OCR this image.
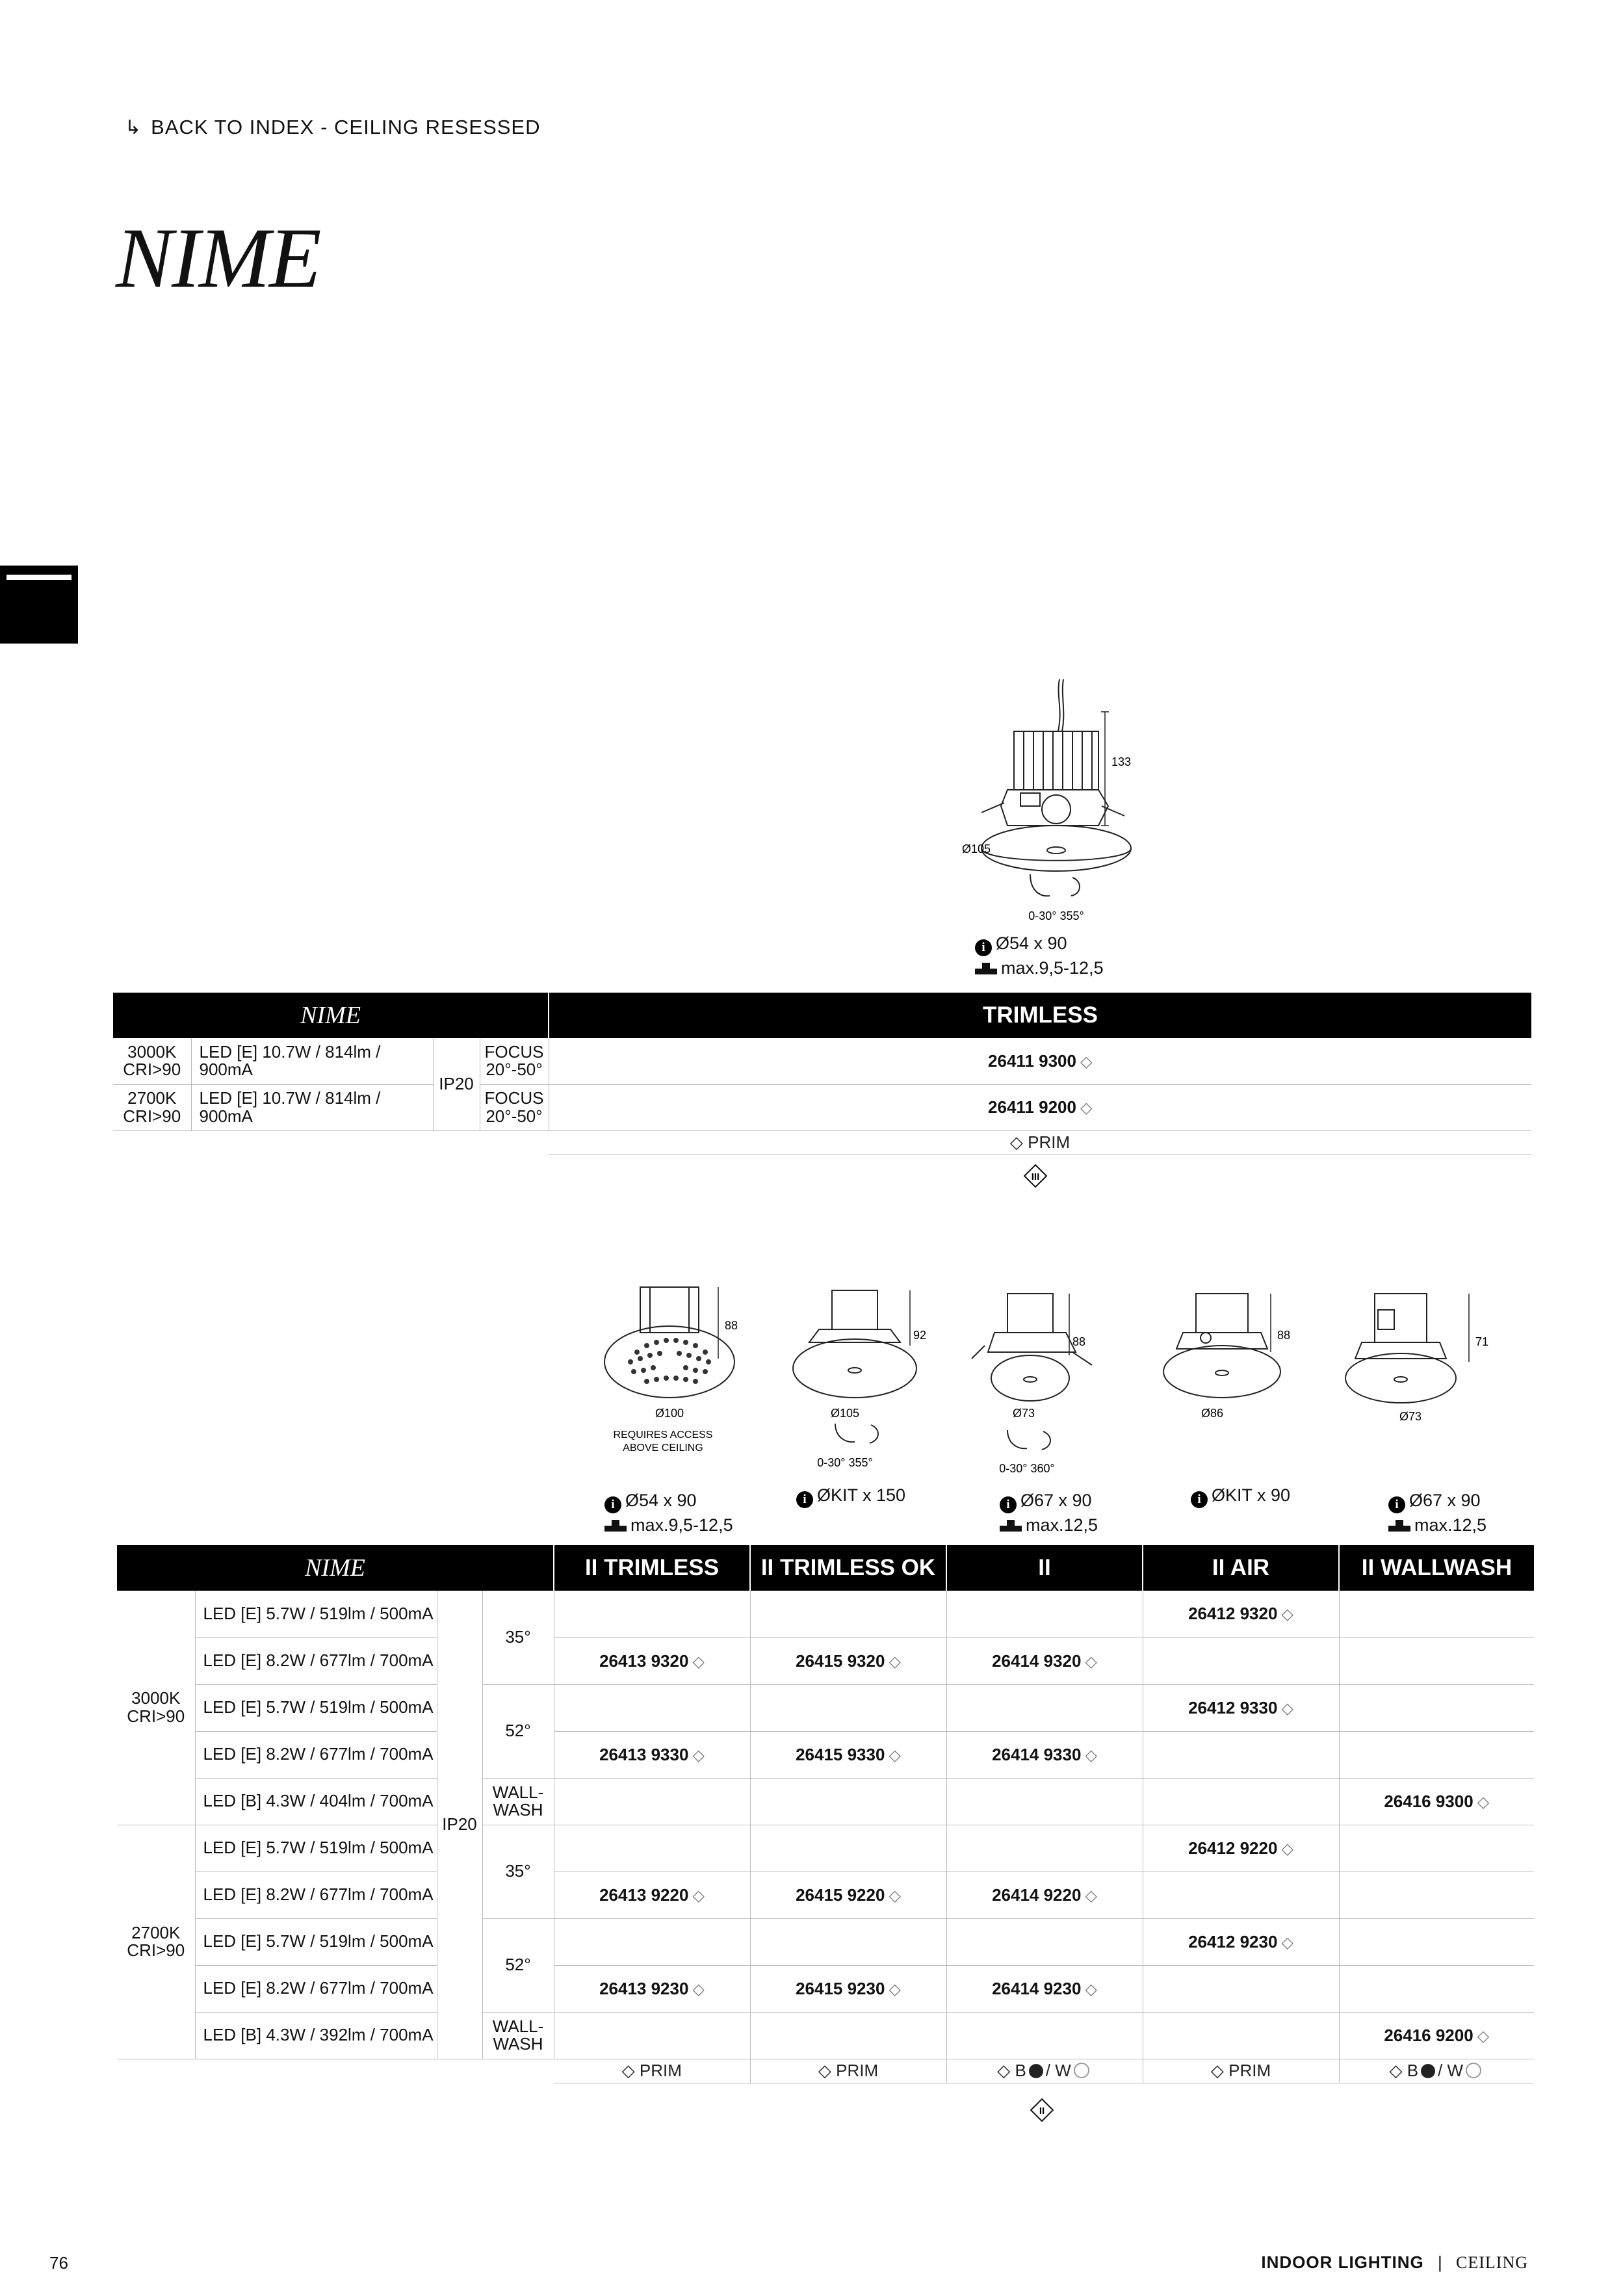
↳ BACK TO INDEX - CEILING RESESSED
NIME
133
Ø105
0-30° 355°
i Ø54 x 90
max.9,5-12,5
NIME				TRIMLESS
3000K
CRI>90	LED [E] 10.7W / 814lm / 900mA	IP20	FOCUS
20°-50°	26411 9300 ◇
2700K
CRI>90	LED [E] 10.7W / 814lm / 900mA		FOCUS
20°-50°	26411 9200 ◇
				◇ PRIM
III
88
Ø100
REQUIRES ACCESS
ABOVE CEILING
92
Ø105
0-30° 355°
88
Ø73
0-30° 360°
88
Ø86
71
Ø73
i Ø54 x 90
max.9,5-12,5
i ØKIT x 150	i Ø67 x 90
max.12,5
i ØKIT x 90	i Ø67 x 90
max.12,5
NIME	II TRIMLESS	II TRIMLESS OK	II	II AIR	II WALLWASH
3000K
CRI>90	LED [E] 5.7W / 519lm / 500mA	IP20	35°				26412 9320 ◇	
	LED [E] 8.2W / 677lm / 700mA			26413 9320 ◇	26415 9320 ◇	26414 9320 ◇		
	LED [E] 5.7W / 519lm / 500mA		52°				26412 9330 ◇	
	LED [E] 8.2W / 677lm / 700mA			26413 9330 ◇	26415 9330 ◇	26414 9330 ◇		
	LED [B] 4.3W / 404lm / 700mA		WALL-
WASH					26416 9300 ◇
2700K
CRI>90	LED [E] 5.7W / 519lm / 500mA		35°				26412 9220 ◇	
	LED [E] 8.2W / 677lm / 700mA			26413 9220 ◇	26415 9220 ◇	26414 9220 ◇		
	LED [E] 5.7W / 519lm / 500mA		52°				26412 9230 ◇	
	LED [E] 8.2W / 677lm / 700mA			26413 9230 ◇	26415 9230 ◇	26414 9230 ◇		
	LED [B] 4.3W / 392lm / 700mA		WALL-
WASH					26416 9200 ◇
				◇ PRIM	◇ PRIM	◇ B / W	◇ PRIM	◇ B / W
II
76	INDOOR LIGHTING | CEILING
